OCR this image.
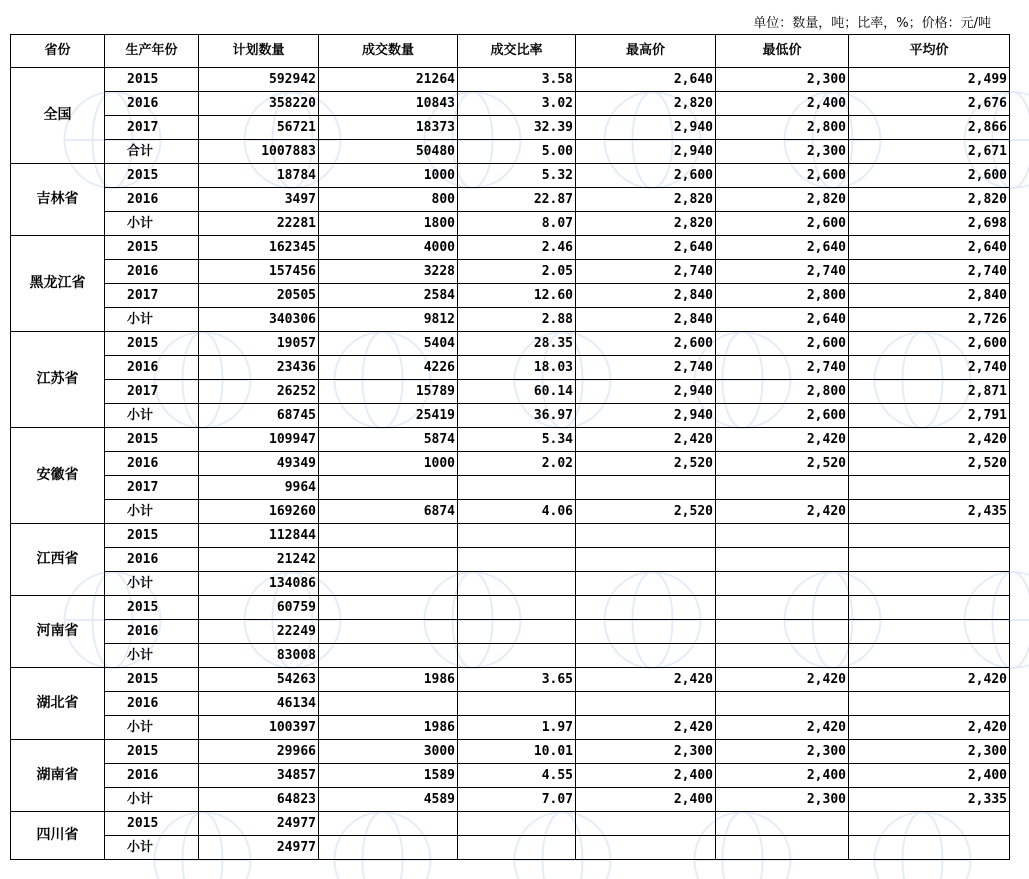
单位：数量，吨；比率，%；价格：元/吨
省份	生产年份	计划数量	成交数量	成交比率	最高价	最低价	平均价
全国	2015	592942	21264	3.58	2,640	2,300	2,499
	2016	358220	10843	3.02	2,820	2,400	2,676
	2017	56721	18373	32.39	2,940	2,800	2,866
	合计	1007883	50480	5.00	2,940	2,300	2,671
吉林省	2015	18784	1000	5.32	2,600	2,600	2,600
	2016	3497	800	22.87	2,820	2,820	2,820
	小计	22281	1800	8.07	2,820	2,600	2,698
黑龙江省	2015	162345	4000	2.46	2,640	2,640	2,640
	2016	157456	3228	2.05	2,740	2,740	2,740
	2017	20505	2584	12.60	2,840	2,800	2,840
	小计	340306	9812	2.88	2,840	2,640	2,726
江苏省	2015	19057	5404	28.35	2,600	2,600	2,600
	2016	23436	4226	18.03	2,740	2,740	2,740
	2017	26252	15789	60.14	2,940	2,800	2,871
	小计	68745	25419	36.97	2,940	2,600	2,791
安徽省	2015	109947	5874	5.34	2,420	2,420	2,420
	2016	49349	1000	2.02	2,520	2,520	2,520
	2017	9964					
	小计	169260	6874	4.06	2,520	2,420	2,435
江西省	2015	112844					
	2016	21242					
	小计	134086					
河南省	2015	60759					
	2016	22249					
	小计	83008					
湖北省	2015	54263	1986	3.65	2,420	2,420	2,420
	2016	46134					
	小计	100397	1986	1.97	2,420	2,420	2,420
湖南省	2015	29966	3000	10.01	2,300	2,300	2,300
	2016	34857	1589	4.55	2,400	2,400	2,400
	小计	64823	4589	7.07	2,400	2,300	2,335
四川省	2015	24977					
	小计	24977					
